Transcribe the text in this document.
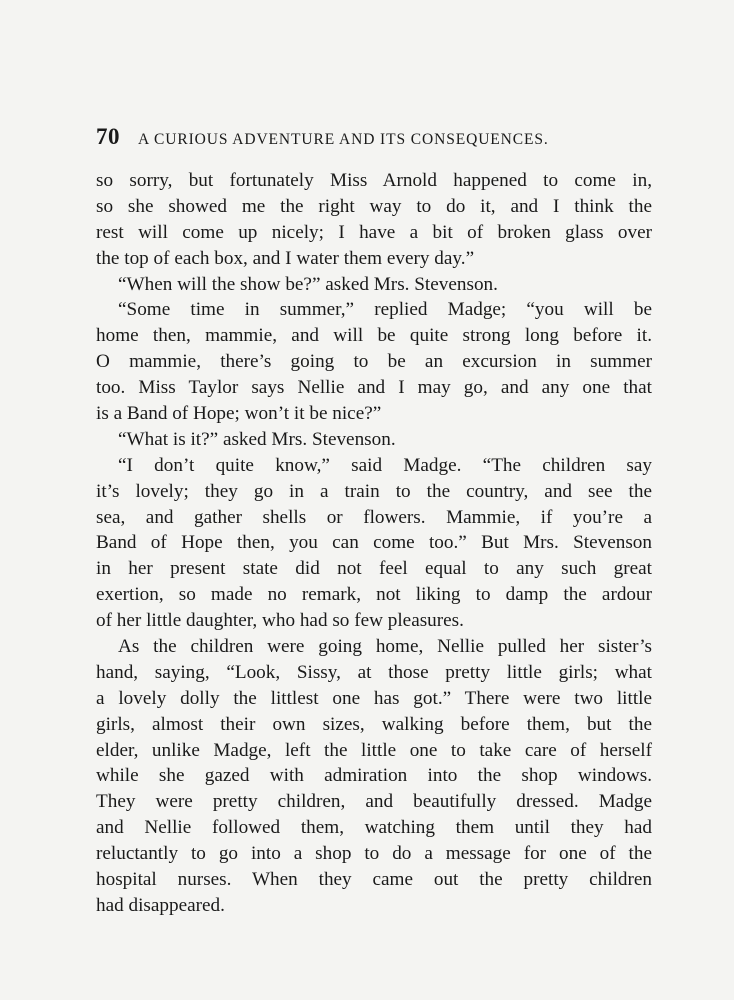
70 A CURIOUS ADVENTURE AND ITS CONSEQUENCES.
so sorry, but fortunately Miss Arnold happened to come in,
so she showed me the right way to do it, and I think the
rest will come up nicely; I have a bit of broken glass over
the top of each box, and I water them every day.”
“When will the show be?” asked Mrs. Stevenson.
“Some time in summer,” replied Madge; “you will be
home then, mammie, and will be quite strong long before it.
O mammie, there’s going to be an excursion in summer
too. Miss Taylor says Nellie and I may go, and any one that
is a Band of Hope; won’t it be nice?”
“What is it?” asked Mrs. Stevenson.
“I don’t quite know,” said Madge. “The children say
it’s lovely; they go in a train to the country, and see the
sea, and gather shells or flowers. Mammie, if you’re a
Band of Hope then, you can come too.” But Mrs. Stevenson
in her present state did not feel equal to any such great
exertion, so made no remark, not liking to damp the ardour
of her little daughter, who had so few pleasures.
As the children were going home, Nellie pulled her sister’s
hand, saying, “Look, Sissy, at those pretty little girls; what
a lovely dolly the littlest one has got.” There were two little
girls, almost their own sizes, walking before them, but the
elder, unlike Madge, left the little one to take care of herself
while she gazed with admiration into the shop windows.
They were pretty children, and beautifully dressed. Madge
and Nellie followed them, watching them until they had
reluctantly to go into a shop to do a message for one of the
hospital nurses. When they came out the pretty children
had disappeared.
